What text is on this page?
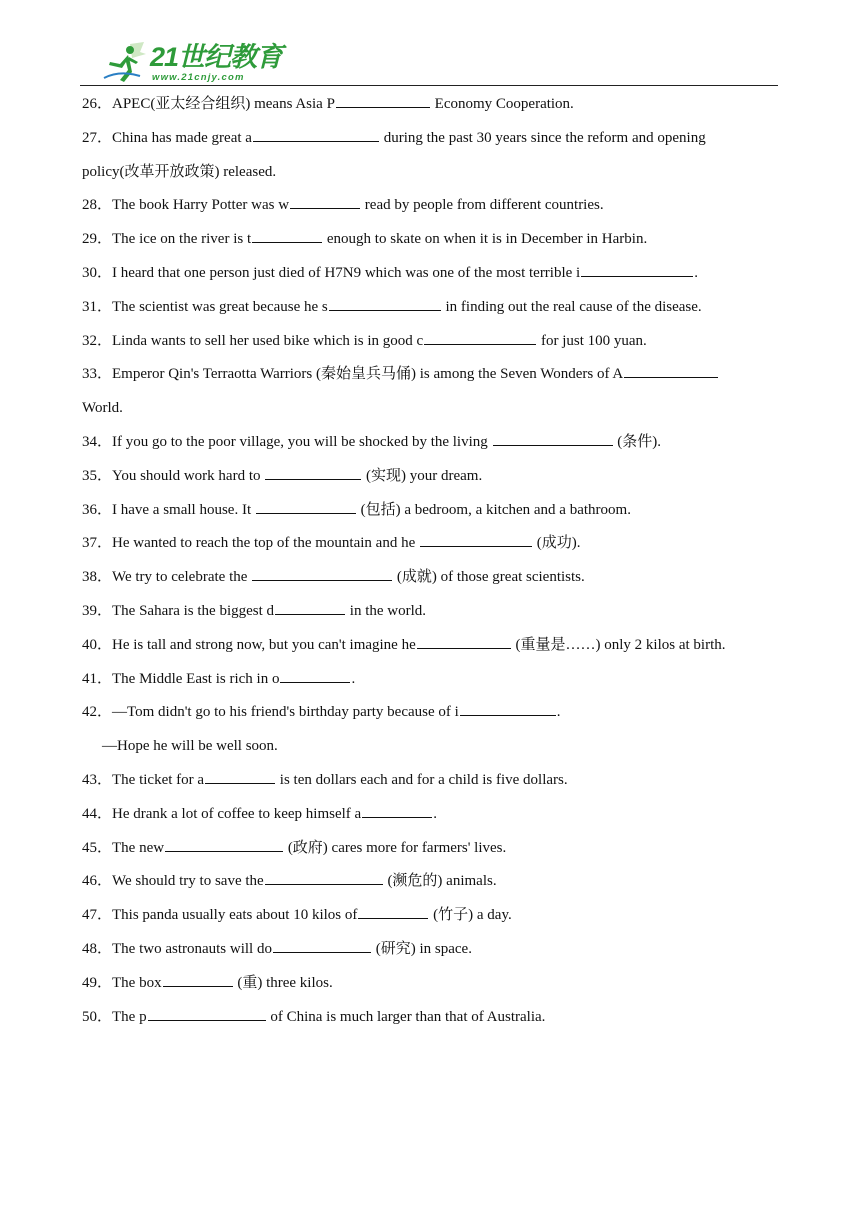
21世纪教育
www.21cnjy.com
26．APEC(亚太经合组织) means Asia P	Economy Cooperation.
27．China has made great a	during the past 30 years since the reform and opening
policy(改革开放政策) released.
28．The book Harry Potter was w	read by people from different countries.
29．The ice on the river is t	enough to skate on when it is in December in Harbin.
30．I heard that one person just died of H7N9 which was one of the most terrible i	.
31．The scientist was great because he s	in finding out the real cause of the disease.
32．Linda wants to sell her used bike which is in good c	for just 100 yuan.
33．Emperor Qin's Terraotta Warriors (秦始皇兵马俑) is among the Seven Wonders of A
World.
34．If you go to the poor village, you will be shocked by the living	(条件).
35．You should work hard to	(实现) your dream.
36．I have a small house. It	(包括) a bedroom, a kitchen and a bathroom.
37．He wanted to reach the top of the mountain and he	(成功).
38．We try to celebrate the	(成就) of those great scientists.
39．The Sahara is the biggest d	in the world.
40．He is tall and strong now, but you can't imagine he	(重量是……) only 2 kilos at birth.
41．The Middle East is rich in o	.
42．—Tom didn't go to his friend's birthday party because of i	.
—Hope he will be well soon.
43．The ticket for a	is ten dollars each and for a child is five dollars.
44．He drank a lot of coffee to keep himself a	.
45．The new	(政府) cares more for farmers' lives.
46．We should try to save the	(濒危的) animals.
47．This panda usually eats about 10 kilos of	(竹子) a day.
48．The two astronauts will do	(研究) in space.
49．The box	(重) three kilos.
50．The p	of China is much larger than that of Australia.
